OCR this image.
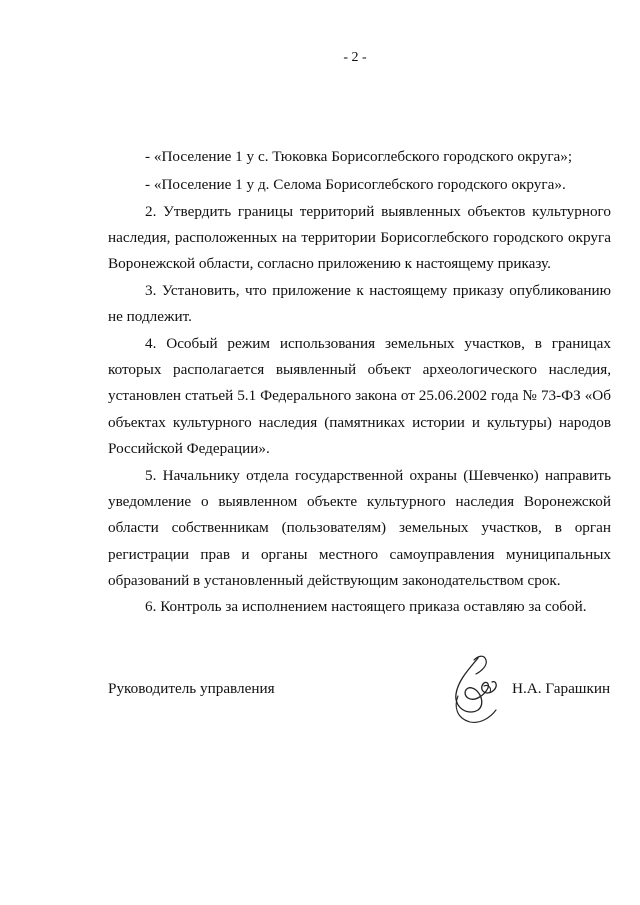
- 2 -
- «Поселение 1 у с. Тюковка Борисоглебского городского округа»;
- «Поселение 1 у д. Селома Борисоглебского городского округа».
2. Утвердить границы территорий выявленных объектов культурного
наследия, расположенных на территории Борисоглебского городского округа
Воронежской области, согласно приложению к настоящему приказу.
3. Установить, что приложение к настоящему приказу опубликованию
не подлежит.
4. Особый режим использования земельных участков, в границах
которых располагается выявленный объект археологического наследия,
установлен статьей 5.1 Федерального закона от 25.06.2002 года № 73-ФЗ «Об
объектах культурного наследия (памятниках истории и культуры) народов
Российской Федерации».
5. Начальнику отдела государственной охраны (Шевченко) направить
уведомление о выявленном объекте культурного наследия Воронежской
области собственникам (пользователям) земельных участков, в орган
регистрации прав и органы местного самоуправления муниципальных
образований в установленный действующим законодательством срок.
6. Контроль за исполнением настоящего приказа оставляю за собой.
Руководитель управления	Н.А. Гарашкин
